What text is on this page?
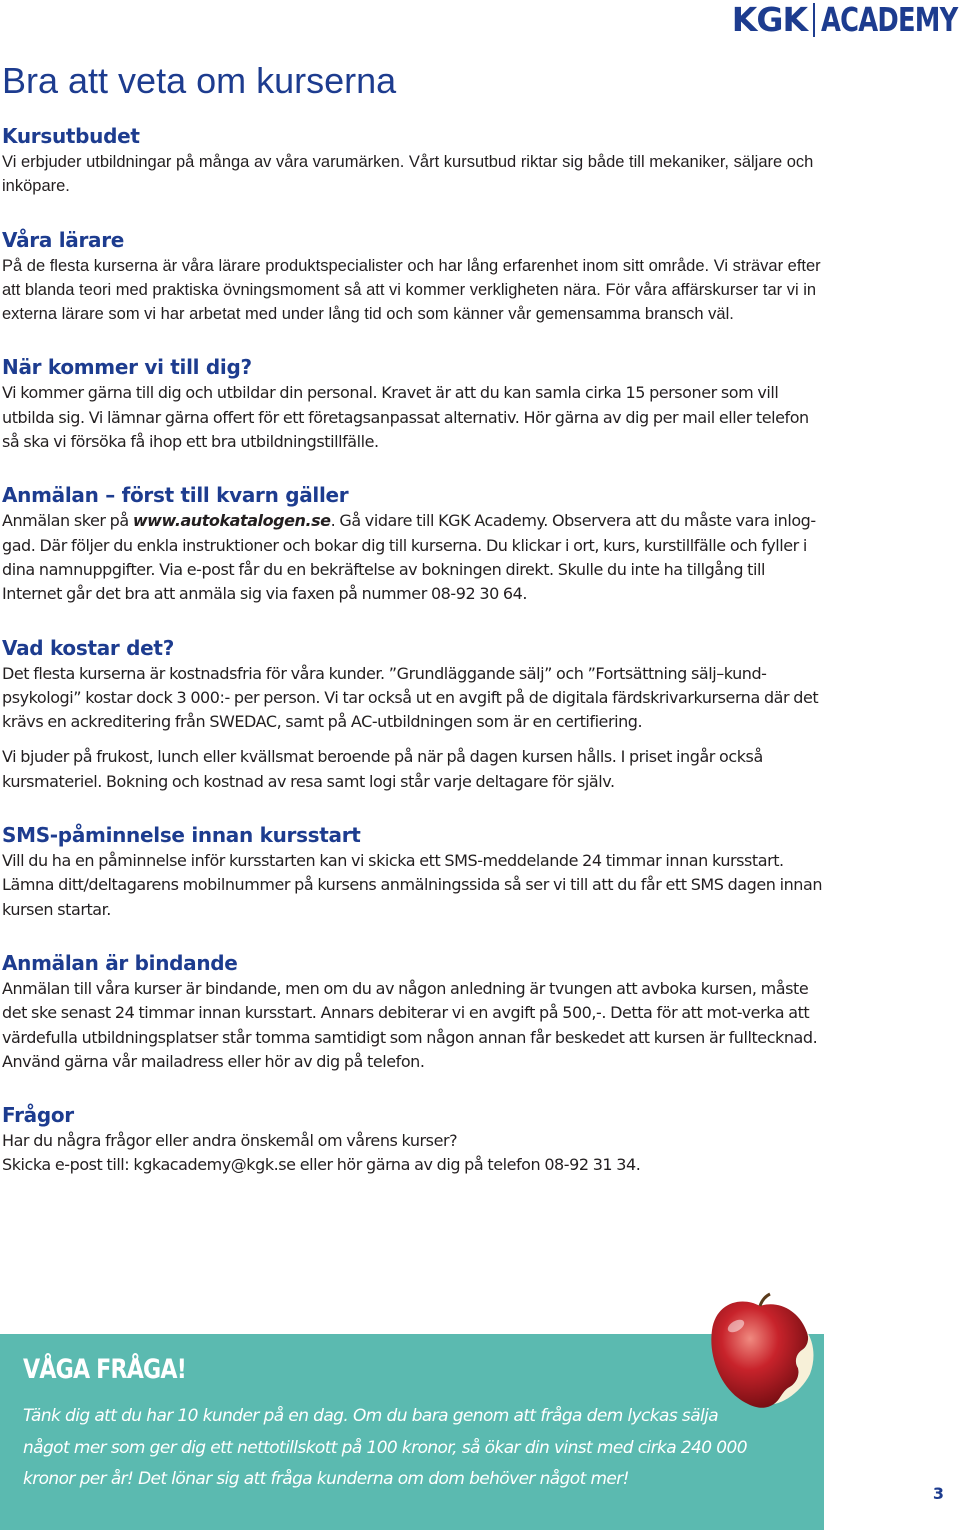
KGK ACADEMY
Bra att veta om kurserna
Kursutbudet

Vi erbjuder utbildningar på många av våra varumärken. Vårt kursutbud riktar sig både till mekaniker, säljare och inköpare.

Våra lärare

På de flesta kurserna är våra lärare produktspecialister och har lång erfarenhet inom sitt område. Vi strävar efter att blanda teori med praktiska övningsmoment så att vi kommer verkligheten nära. För våra affärskurser tar vi in externa lärare som vi har arbetat med under lång tid och som känner vår gemensamma bransch väl.

När kommer vi till dig?

Vi kommer gärna till dig och utbildar din personal. Kravet är att du kan samla cirka 15 personer som vill utbilda sig. Vi lämnar gärna offert för ett företagsanpassat alternativ. Hör gärna av dig per mail eller telefon så ska vi försöka få ihop ett bra utbildningstillfälle.

Anmälan – först till kvarn gäller

Anmälan sker på www.autokatalogen.se. Gå vidare till KGK Academy. Observera att du måste vara inlog-gad. Där följer du enkla instruktioner och bokar dig till kurserna. Du klickar i ort, kurs, kurstillfälle och fyller i dina namnuppgifter. Via e-post får du en bekräftelse av bokningen direkt. Skulle du inte ha tillgång till Internet går det bra att anmäla sig via faxen på nummer 08-92 30 64.

Vad kostar det?

Det flesta kurserna är kostnadsfria för våra kunder. ”Grundläggande sälj” och ”Fortsättning sälj–kund-psykologi” kostar dock 3 000:- per person. Vi tar också ut en avgift på de digitala färdskrivarkurserna där det krävs en ackreditering från SWEDAC, samt på AC-utbildningen som är en certifiering.

Vi bjuder på frukost, lunch eller kvällsmat beroende på när på dagen kursen hålls. I priset ingår också kursmateriel. Bokning och kostnad av resa samt logi står varje deltagare för själv.

SMS-påminnelse innan kursstart

Vill du ha en påminnelse inför kursstarten kan vi skicka ett SMS-meddelande 24 timmar innan kursstart. Lämna ditt/deltagarens mobilnummer på kursens anmälningssida så ser vi till att du får ett SMS dagen innan kursen startar.

Anmälan är bindande

Anmälan till våra kurser är bindande, men om du av någon anledning är tvungen att avboka kursen, måste det ske senast 24 timmar innan kursstart. Annars debiterar vi en avgift på 500,-. Detta för att mot-verka att värdefulla utbildningsplatser står tomma samtidigt som någon annan får beskedet att kursen är fulltecknad. Använd gärna vår mailadress eller hör av dig på telefon.

Frågor

Har du några frågor eller andra önskemål om vårens kurser?

Skicka e-post till: kgkacademy@kgk.se eller hör gärna av dig på telefon 08-92 31 34.

VÅGA FRÅGA!

Tänk dig att du har 10 kunder på en dag. Om du bara genom att fråga dem lyckas sälja något mer som ger dig ett nettotillskott på 100 kronor, så ökar din vinst med cirka 240 000 kronor per år! Det lönar sig att fråga kunderna om dom behöver något mer!

3
